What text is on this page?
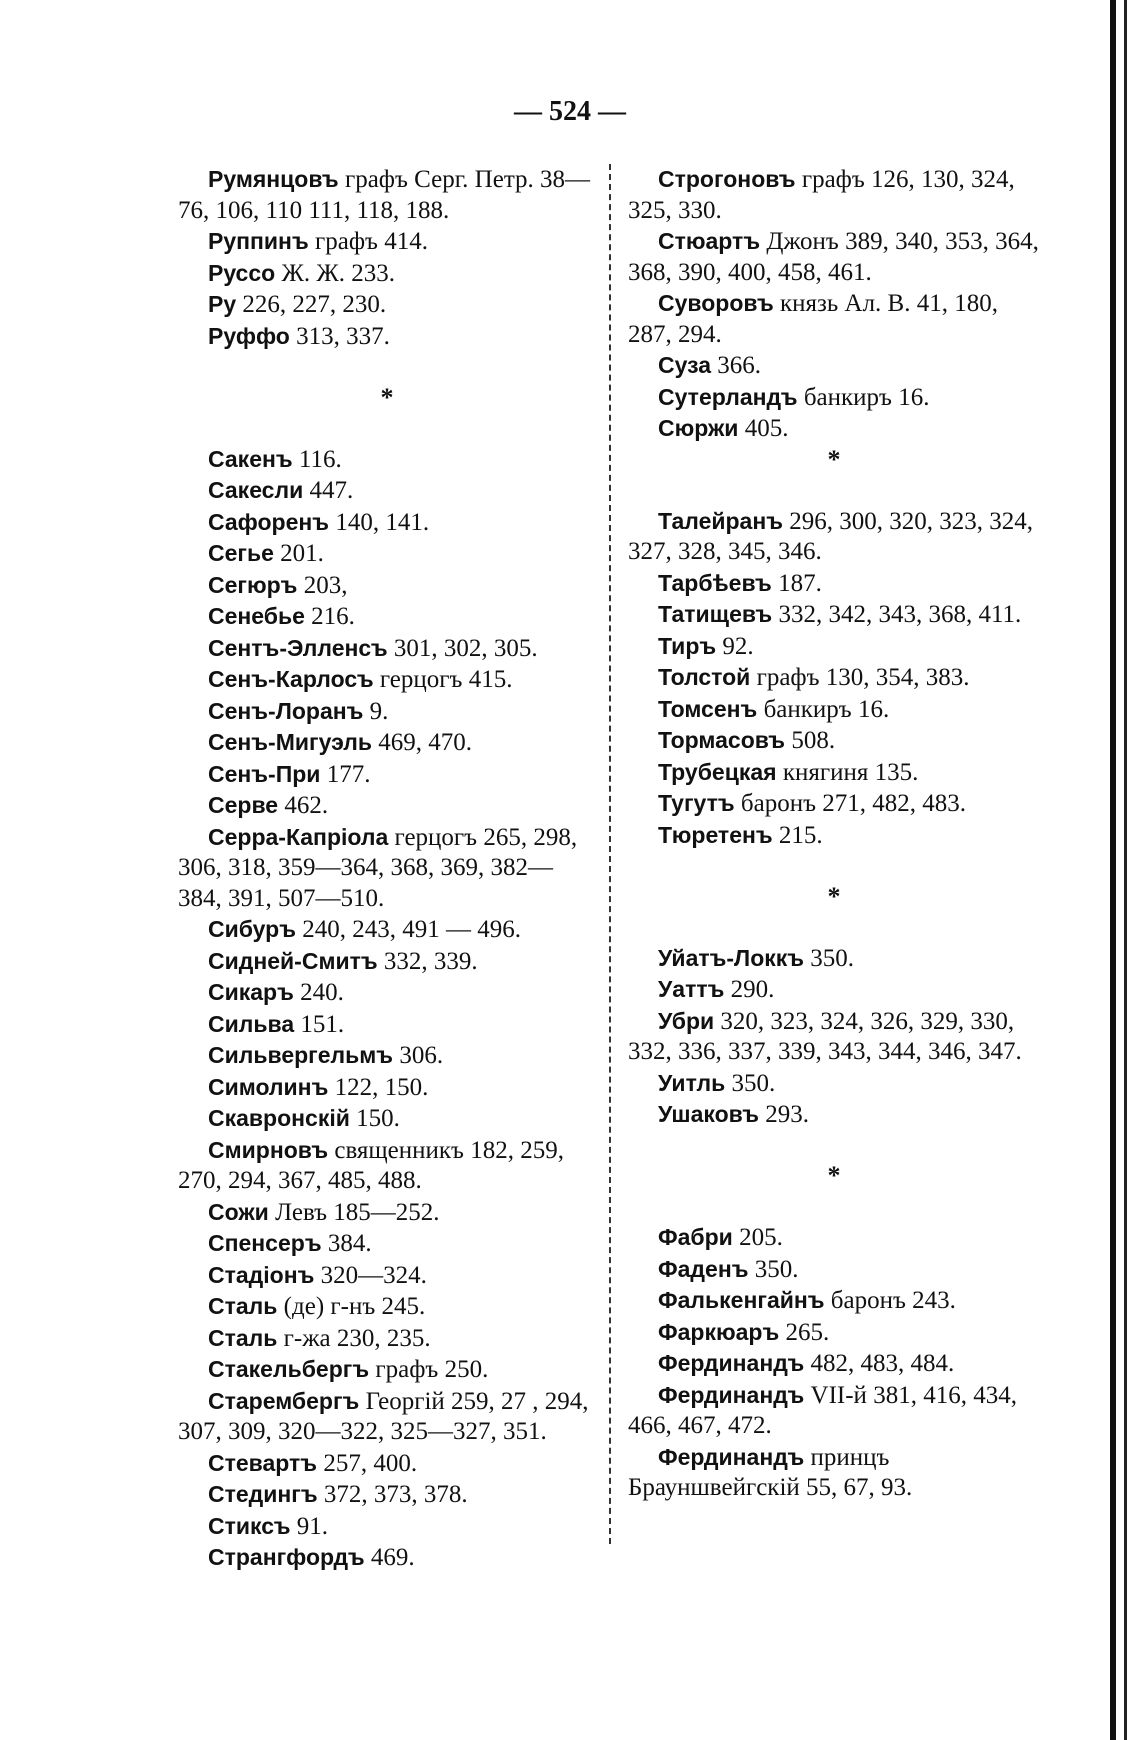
— 524 —
Румянцовъ графъ Серг. Петр. 38—76, 106, 110 111, 118, 188.
Руппинъ графъ 414.
Руссо Ж. Ж. 233.
Ру 226, 227, 230.
Руффо 313, 337.
*
Сакенъ 116.
Сакесли 447.
Сафоренъ 140, 141.
Сегье 201.
Сегюръ 203,
Сенебье 216.
Сентъ-Элленсъ 301, 302, 305.
Сенъ-Карлосъ герцогъ 415.
Сенъ-Лоранъ 9.
Сенъ-Мигуэль 469, 470.
Сенъ-При 177.
Серве 462.
Серра-Капріола герцогъ 265, 298, 306, 318, 359—364, 368, 369, 382—384, 391, 507—510.
Сибуръ 240, 243, 491 — 496.
Сидней-Смитъ 332, 339.
Сикаръ 240.
Сильва 151.
Сильвергельмъ 306.
Симолинъ 122, 150.
Скавронскій 150.
Смирновъ священникъ 182, 259, 270, 294, 367, 485, 488.
Сожи Левъ 185—252.
Спенсеръ 384.
Стадіонъ 320—324.
Сталь (де) г-нъ 245.
Сталь г-жа 230, 235.
Стакельбергъ графъ 250.
Старембергъ Георгій 259, 27 , 294, 307, 309, 320—322, 325—327, 351.
Стевартъ 257, 400.
Стедингъ 372, 373, 378.
Стиксъ 91.
Странгфордъ 469.
Строгоновъ графъ 126, 130, 324, 325, 330.
Стюартъ Джонъ 389, 340, 353, 364, 368, 390, 400, 458, 461.
Суворовъ князь Ал. В. 41, 180, 287, 294.
Суза 366.
Сутерландъ банкиръ 16.
Сюржи 405.
*
Талейранъ 296, 300, 320, 323, 324, 327, 328, 345, 346.
Тарбѣевъ 187.
Татищевъ 332, 342, 343, 368, 411.
Тиръ 92.
Толстой графъ 130, 354, 383.
Томсенъ банкиръ 16.
Тормасовъ 508.
Трубецкая княгиня 135.
Тугутъ баронъ 271, 482, 483.
Тюретенъ 215.
*
Уйатъ-Локкъ 350.
Уаттъ 290.
Убри 320, 323, 324, 326, 329, 330, 332, 336, 337, 339, 343, 344, 346, 347.
Уитль 350.
Ушаковъ 293.
*
Фабри 205.
Фаденъ 350.
Фалькенгайнъ баронъ 243.
Фаркюаръ 265.
Фердинандъ 482, 483, 484.
Фердинандъ VII-й 381, 416, 434, 466, 467, 472.
Фердинандъ принцъ Брауншвейгскій 55, 67, 93.
